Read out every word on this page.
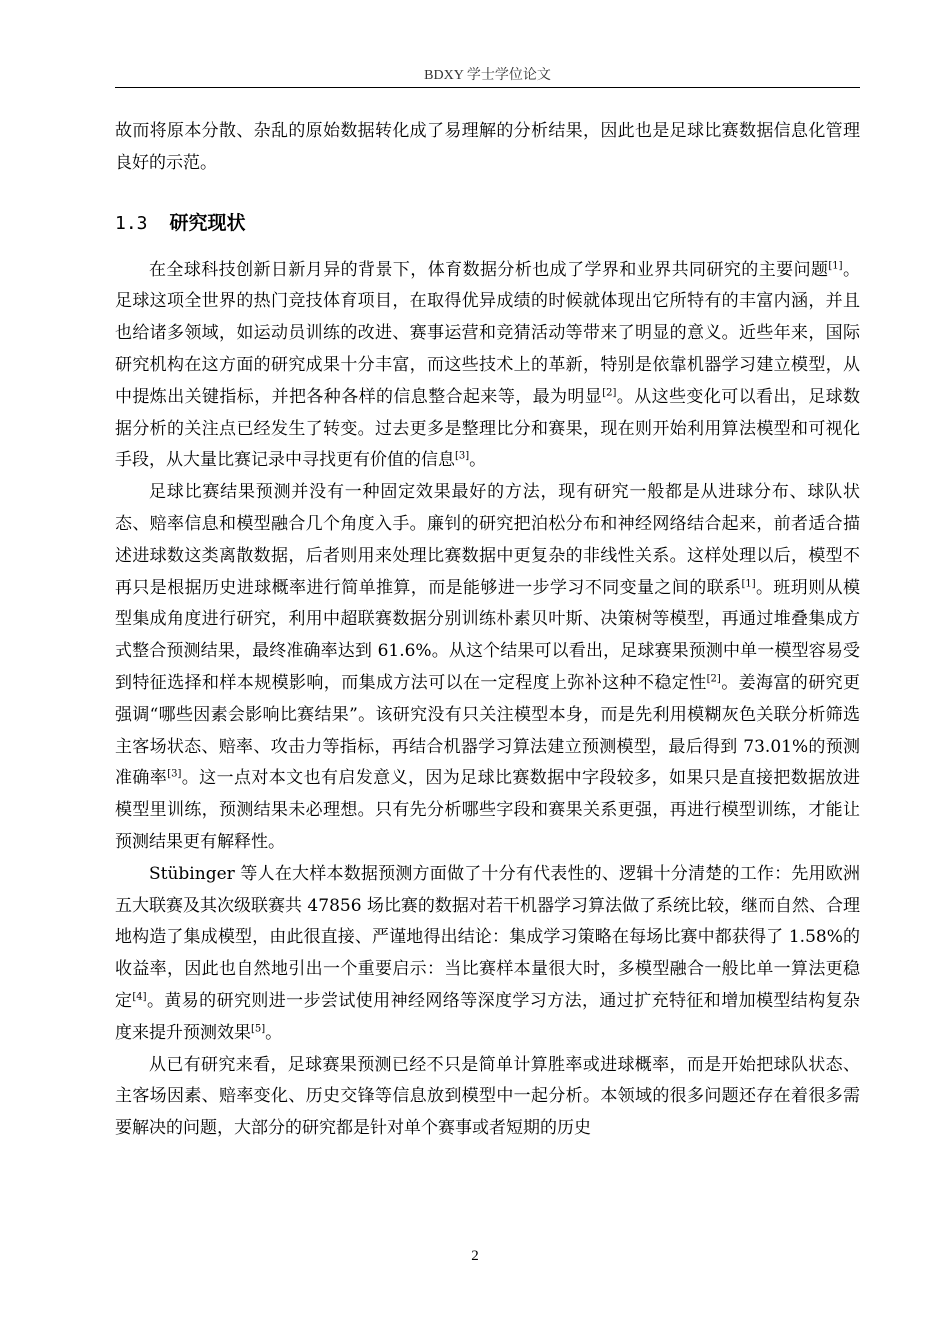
BDXY 学士学位论文

故而将原本分散、杂乱的原始数据转化成了易理解的分析结果，因此也是足球比赛数据信息化管理良好的示范。

1.3 研究现状

在全球科技创新日新月异的背景下，体育数据分析也成了学界和业界共同研究的主要问题[1]。足球这项全世界的热门竞技体育项目，在取得优异成绩的时候就体现出它所特有的丰富内涵，并且也给诸多领域，如运动员训练的改进、赛事运营和竞猜活动等带来了明显的意义。近些年来，国际研究机构在这方面的研究成果十分丰富，而这些技术上的革新，特别是依靠机器学习建立模型，从中提炼出关键指标，并把各种各样的信息整合起来等，最为明显[2]。从这些变化可以看出，足球数据分析的关注点已经发生了转变。过去更多是整理比分和赛果，现在则开始利用算法模型和可视化手段，从大量比赛记录中寻找更有价值的信息[3]。

足球比赛结果预测并没有一种固定效果最好的方法，现有研究一般都是从进球分布、球队状态、赔率信息和模型融合几个角度入手。廉钊的研究把泊松分布和神经网络结合起来，前者适合描述进球数这类离散数据，后者则用来处理比赛数据中更复杂的非线性关系。这样处理以后，模型不再只是根据历史进球概率进行简单推算，而是能够进一步学习不同变量之间的联系[1]。班玥则从模型集成角度进行研究，利用中超联赛数据分别训练朴素贝叶斯、决策树等模型，再通过堆叠集成方式整合预测结果，最终准确率达到 61.6%。从这个结果可以看出，足球赛果预测中单一模型容易受到特征选择和样本规模影响，而集成方法可以在一定程度上弥补这种不稳定性[2]。姜海富的研究更强调“哪些因素会影响比赛结果”。该研究没有只关注模型本身，而是先利用模糊灰色关联分析筛选主客场状态、赔率、攻击力等指标，再结合机器学习算法建立预测模型，最后得到 73.01%的预测准确率[3]。这一点对本文也有启发意义，因为足球比赛数据中字段较多，如果只是直接把数据放进模型里训练，预测结果未必理想。只有先分析哪些字段和赛果关系更强，再进行模型训练，才能让预测结果更有解释性。

Stübinger 等人在大样本数据预测方面做了十分有代表性的、逻辑十分清楚的工作：先用欧洲五大联赛及其次级联赛共 47856 场比赛的数据对若干机器学习算法做了系统比较，继而自然、合理地构造了集成模型，由此很直接、严谨地得出结论：集成学习策略在每场比赛中都获得了 1.58%的收益率，因此也自然地引出一个重要启示：当比赛样本量很大时，多模型融合一般比单一算法更稳定[4]。黄易的研究则进一步尝试使用神经网络等深度学习方法，通过扩充特征和增加模型结构复杂度来提升预测效果[5]。

从已有研究来看，足球赛果预测已经不只是简单计算胜率或进球概率，而是开始把球队状态、主客场因素、赔率变化、历史交锋等信息放到模型中一起分析。本领域的很多问题还存在着很多需要解决的问题，大部分的研究都是针对单个赛事或者短期的历史

2
